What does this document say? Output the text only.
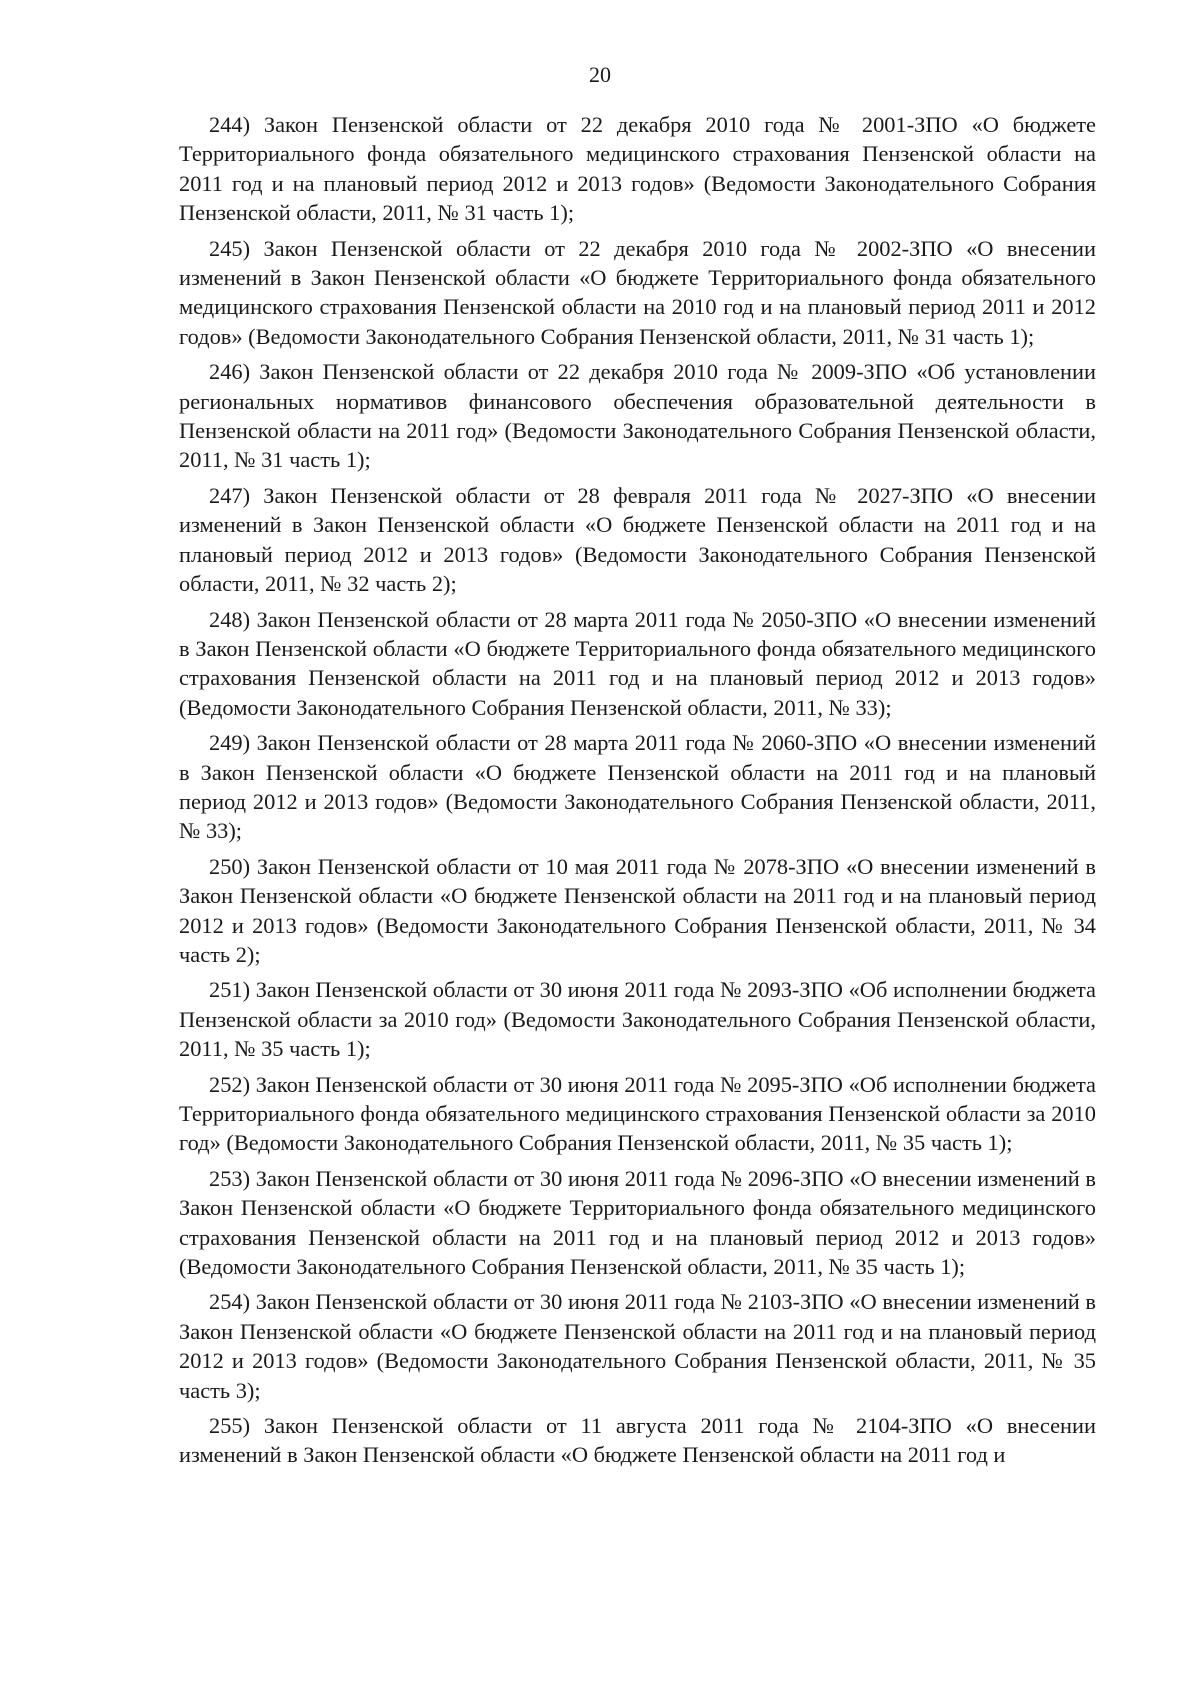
20

244) Закон Пензенской области от 22 декабря 2010 года № 2001-ЗПО «О бюджете Территориального фонда обязательного медицинского страхования Пензенской области на 2011 год и на плановый период 2012 и 2013 годов» (Ведомости Законодательного Собрания Пензенской области, 2011, № 31 часть 1);

245) Закон Пензенской области от 22 декабря 2010 года № 2002-ЗПО «О внесении изменений в Закон Пензенской области «О бюджете Территориального фонда обязательного медицинского страхования Пензенской области на 2010 год и на плановый период 2011 и 2012 годов» (Ведомости Законодательного Собрания Пензенской области, 2011, № 31 часть 1);

246) Закон Пензенской области от 22 декабря 2010 года № 2009-ЗПО «Об установлении региональных нормативов финансового обеспечения образовательной деятельности в Пензенской области на 2011 год» (Ведомости Законодательного Собрания Пензенской области, 2011, № 31 часть 1);

247) Закон Пензенской области от 28 февраля 2011 года № 2027-ЗПО «О внесении изменений в Закон Пензенской области «О бюджете Пензенской области на 2011 год и на плановый период 2012 и 2013 годов» (Ведомости Законодательного Собрания Пензенской области, 2011, № 32 часть 2);

248) Закон Пензенской области от 28 марта 2011 года № 2050-ЗПО «О внесении изменений в Закон Пензенской области «О бюджете Территориального фонда обязательного медицинского страхования Пензенской области на 2011 год и на плановый период 2012 и 2013 годов» (Ведомости Законодательного Собрания Пензенской области, 2011, № 33);

249) Закон Пензенской области от 28 марта 2011 года № 2060-ЗПО «О внесении изменений в Закон Пензенской области «О бюджете Пензенской области на 2011 год и на плановый период 2012 и 2013 годов» (Ведомости Законодательного Собрания Пензенской области, 2011, № 33);

250) Закон Пензенской области от 10 мая 2011 года № 2078-ЗПО «О внесении изменений в Закон Пензенской области «О бюджете Пензенской области на 2011 год и на плановый период 2012 и 2013 годов» (Ведомости Законодательного Собрания Пензенской области, 2011, № 34 часть 2);

251) Закон Пензенской области от 30 июня 2011 года № 2093-ЗПО «Об исполнении бюджета Пензенской области за 2010 год» (Ведомости Законодательного Собрания Пензенской области, 2011, № 35 часть 1);

252) Закон Пензенской области от 30 июня 2011 года № 2095-ЗПО «Об исполнении бюджета Территориального фонда обязательного медицинского страхования Пензенской области за 2010 год» (Ведомости Законодательного Собрания Пензенской области, 2011, № 35 часть 1);

253) Закон Пензенской области от 30 июня 2011 года № 2096-ЗПО «О внесении изменений в Закон Пензенской области «О бюджете Территориального фонда обязательного медицинского страхования Пензенской области на 2011 год и на плановый период 2012 и 2013 годов» (Ведомости Законодательного Собрания Пензенской области, 2011, № 35 часть 1);

254) Закон Пензенской области от 30 июня 2011 года № 2103-ЗПО «О внесении изменений в Закон Пензенской области «О бюджете Пензенской области на 2011 год и на плановый период 2012 и 2013 годов» (Ведомости Законодательного Собрания Пензенской области, 2011, № 35 часть 3);

255) Закон Пензенской области от 11 августа 2011 года № 2104-ЗПО «О внесении изменений в Закон Пензенской области «О бюджете Пензенской области на 2011 год и
